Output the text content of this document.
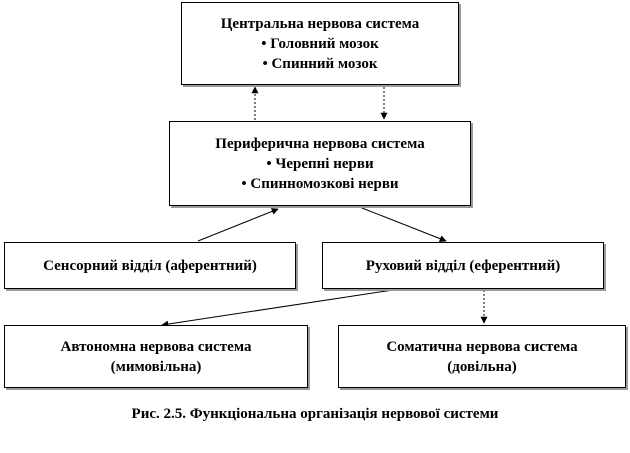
Центральна нервова система
• Головний мозок
• Спинний мозок
Периферична нервова система
• Черепні нерви
• Спинномозкові нерви
Сенсорний відділ (аферентний)	Руховий відділ (еферентний)
Автономна нервова система
(мимовільна)
Соматична нервова система
(довільна)
Рис. 2.5. Функціональна організація нервової системи
